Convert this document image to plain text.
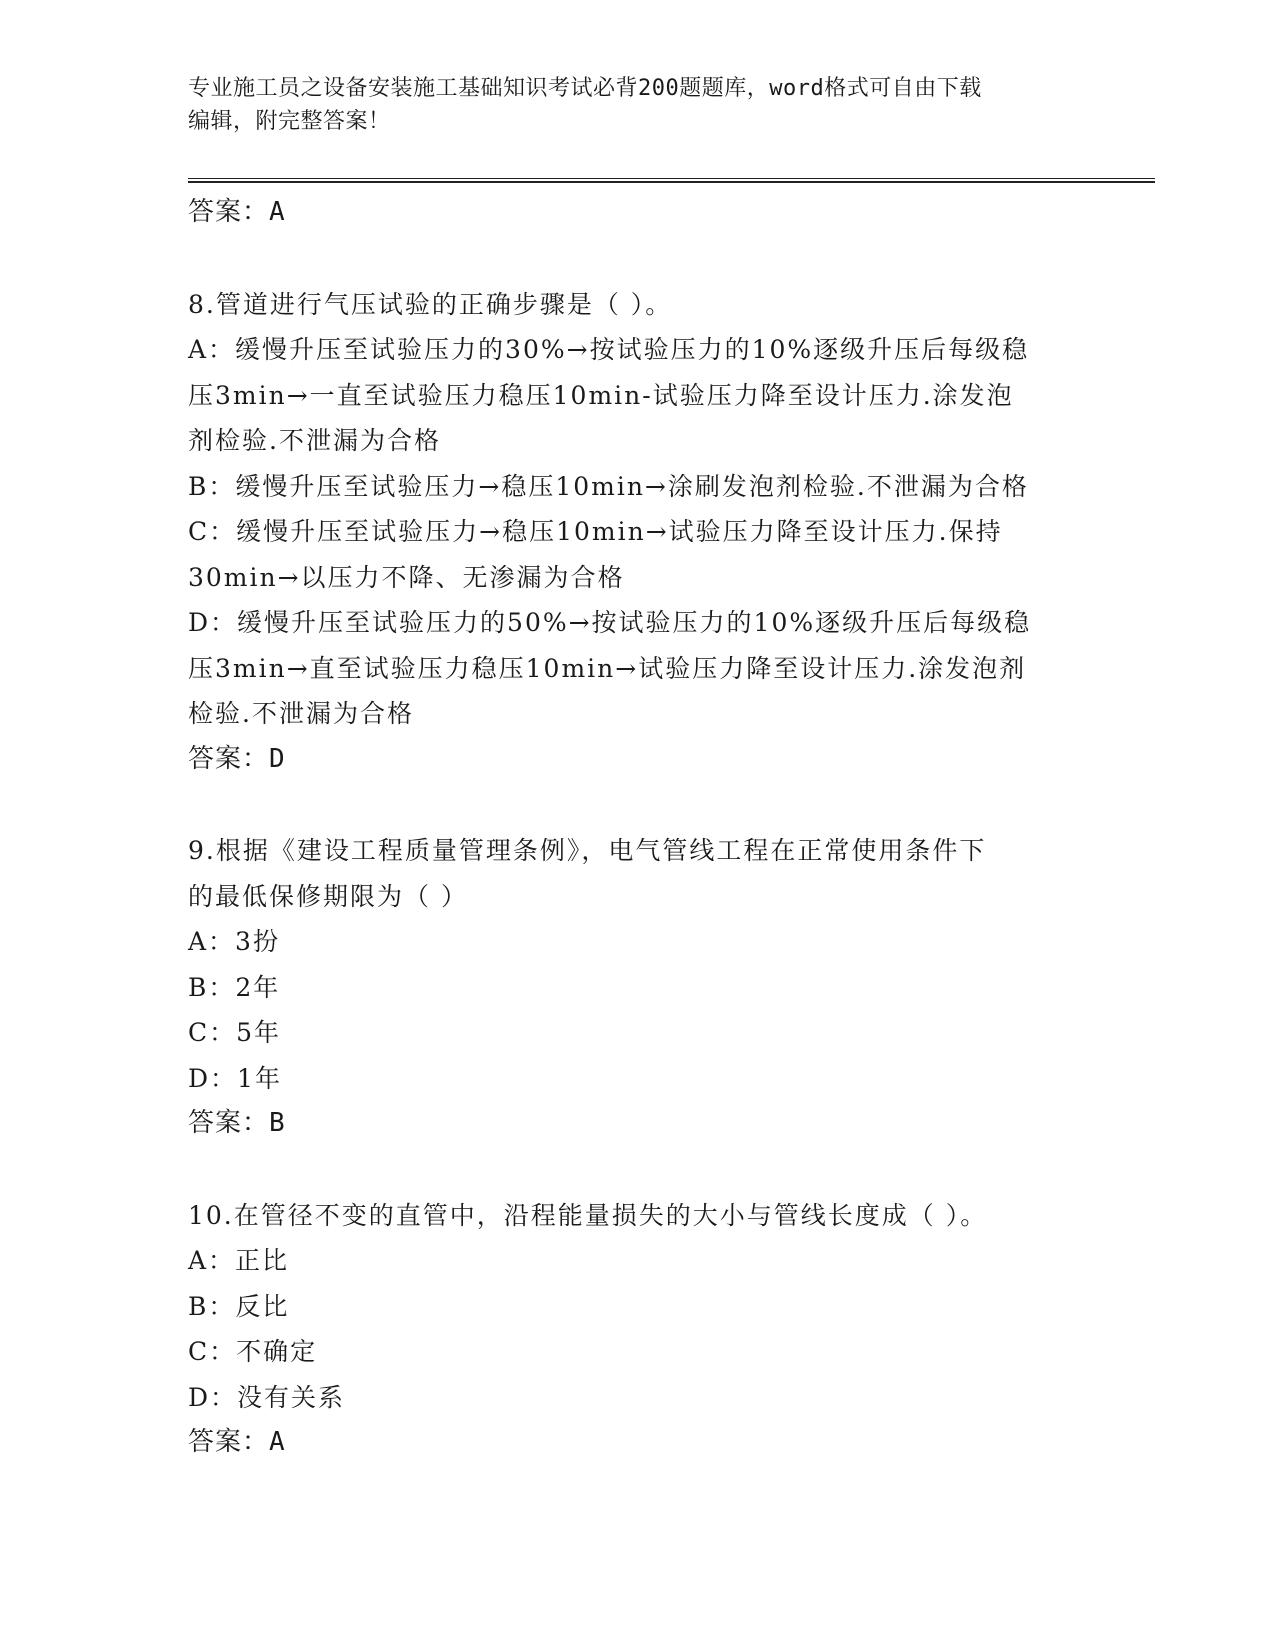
专业施工员之设备安装施工基础知识考试必背200题题库，word格式可自由下载
编辑，附完整答案！

答案：A

8.管道进行气压试验的正确步骤是（ ）。

A：缓慢升压至试验压力的30%→按试验压力的10%逐级升压后每级稳

压3min→一直至试验压力稳压10min-试验压力降至设计压力.涂发泡

剂检验.不泄漏为合格

B：缓慢升压至试验压力→稳压10min→涂刷发泡剂检验.不泄漏为合格

C：缓慢升压至试验压力→稳压10min→试验压力降至设计压力.保持

30min→以压力不降、无渗漏为合格

D：缓慢升压至试验压力的50%→按试验压力的10%逐级升压后每级稳

压3min→直至试验压力稳压10min→试验压力降至设计压力.涂发泡剂

检验.不泄漏为合格

答案：D

9.根据《建设工程质量管理条例》，电气管线工程在正常使用条件下

的最低保修期限为（ ）

A：3扮

B：2年

C：5年

D：1年

答案：B

10.在管径不变的直管中，沿程能量损失的大小与管线长度成（ ）。

A：正比

B：反比

C：不确定

D：没有关系

答案：A
